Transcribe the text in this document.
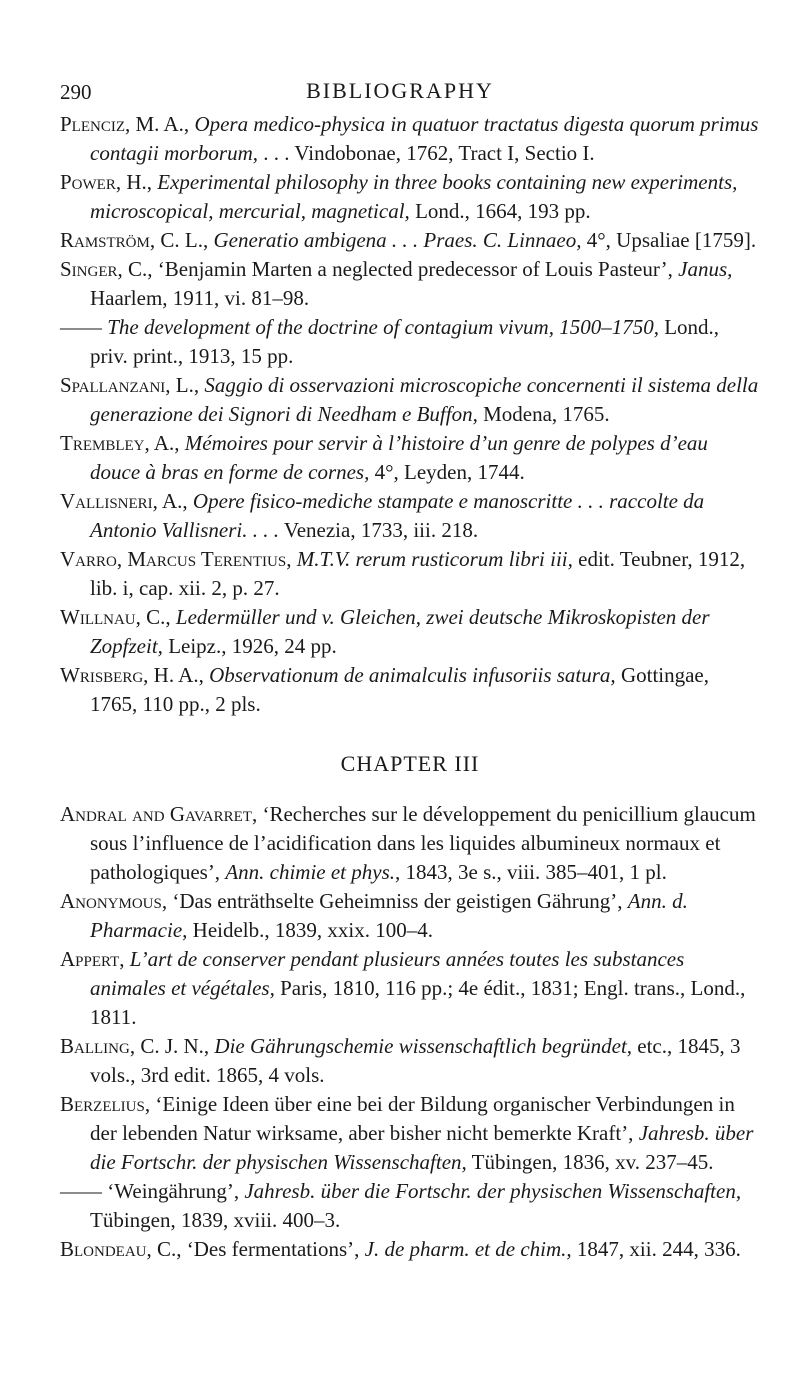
290	BIBLIOGRAPHY

Plenciz, M. A., Opera medico-physica in quatuor tractatus digesta quorum primus contagii morborum, . . . Vindobonae, 1762, Tract I, Sectio I.

Power, H., Experimental philosophy in three books containing new experiments, microscopical, mercurial, magnetical, Lond., 1664, 193 pp.

Ramström, C. L., Generatio ambigena . . . Praes. C. Linnaeo, 4°, Upsaliae [1759].

Singer, C., ‘Benjamin Marten a neglected predecessor of Louis Pasteur’, Janus, Haarlem, 1911, vi. 81–98.

—— The development of the doctrine of contagium vivum, 1500–1750, Lond., priv. print., 1913, 15 pp.

Spallanzani, L., Saggio di osservazioni microscopiche concernenti il sistema della generazione dei Signori di Needham e Buffon, Modena, 1765.

Trembley, A., Mémoires pour servir à l’histoire d’un genre de polypes d’eau douce à bras en forme de cornes, 4°, Leyden, 1744.

Vallisneri, A., Opere fisico-mediche stampate e manoscritte . . . raccolte da Antonio Vallisneri. . . . Venezia, 1733, iii. 218.

Varro, Marcus Terentius, M.T.V. rerum rusticorum libri iii, edit. Teubner, 1912, lib. i, cap. xii. 2, p. 27.

Willnau, C., Ledermüller und v. Gleichen, zwei deutsche Mikroskopisten der Zopfzeit, Leipz., 1926, 24 pp.

Wrisberg, H. A., Observationum de animalculis infusoriis satura, Gottingae, 1765, 110 pp., 2 pls.

CHAPTER III

Andral and Gavarret, ‘Recherches sur le développement du penicillium glaucum sous l’influence de l’acidification dans les liquides albumineux normaux et pathologiques’, Ann. chimie et phys., 1843, 3e s., viii. 385–401, 1 pl.

Anonymous, ‘Das enträthselte Geheimniss der geistigen Gährung’, Ann. d. Pharmacie, Heidelb., 1839, xxix. 100–4.

Appert, L’art de conserver pendant plusieurs années toutes les substances animales et végétales, Paris, 1810, 116 pp.; 4e édit., 1831; Engl. trans., Lond., 1811.

Balling, C. J. N., Die Gährungschemie wissenschaftlich begründet, etc., 1845, 3 vols., 3rd edit. 1865, 4 vols.

Berzelius, ‘Einige Ideen über eine bei der Bildung organischer Verbindungen in der lebenden Natur wirksame, aber bisher nicht bemerkte Kraft’, Jahresb. über die Fortschr. der physischen Wissenschaften, Tübingen, 1836, xv. 237–45.

—— ‘Weingährung’, Jahresb. über die Fortschr. der physischen Wissenschaften, Tübingen, 1839, xviii. 400–3.

Blondeau, C., ‘Des fermentations’, J. de pharm. et de chim., 1847, xii. 244, 336.
